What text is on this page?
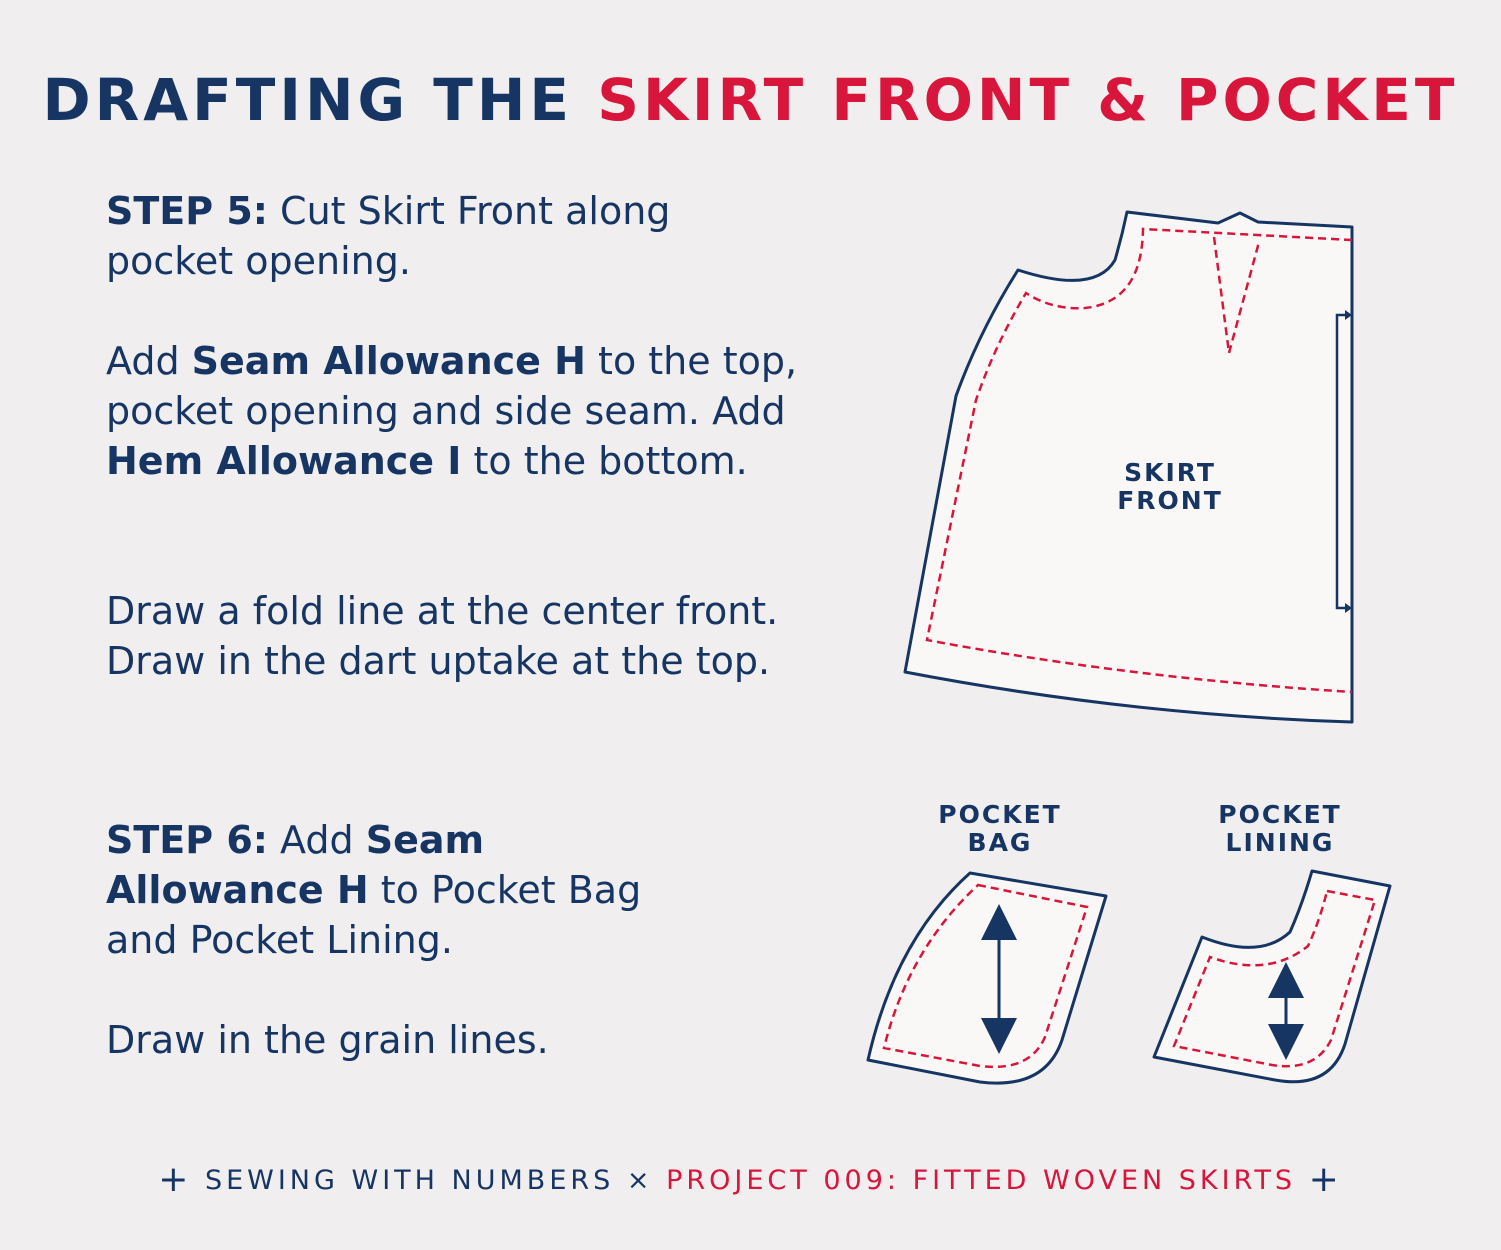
DRAFTING THE SKIRT FRONT & POCKET

STEP 5: Cut Skirt Front along pocket opening.

Add Seam Allowance H to the top, pocket opening and side seam. Add Hem Allowance I to the bottom.

Draw a fold line at the center front. Draw in the dart uptake at the top.

STEP 6: Add Seam Allowance H to Pocket Bag and Pocket Lining.

Draw in the grain lines.

SKIRT
FRONT
POCKET
BAG
POCKET
LINING
+ SEWING WITH NUMBERS × PROJECT 009: FITTED WOVEN SKIRTS +
